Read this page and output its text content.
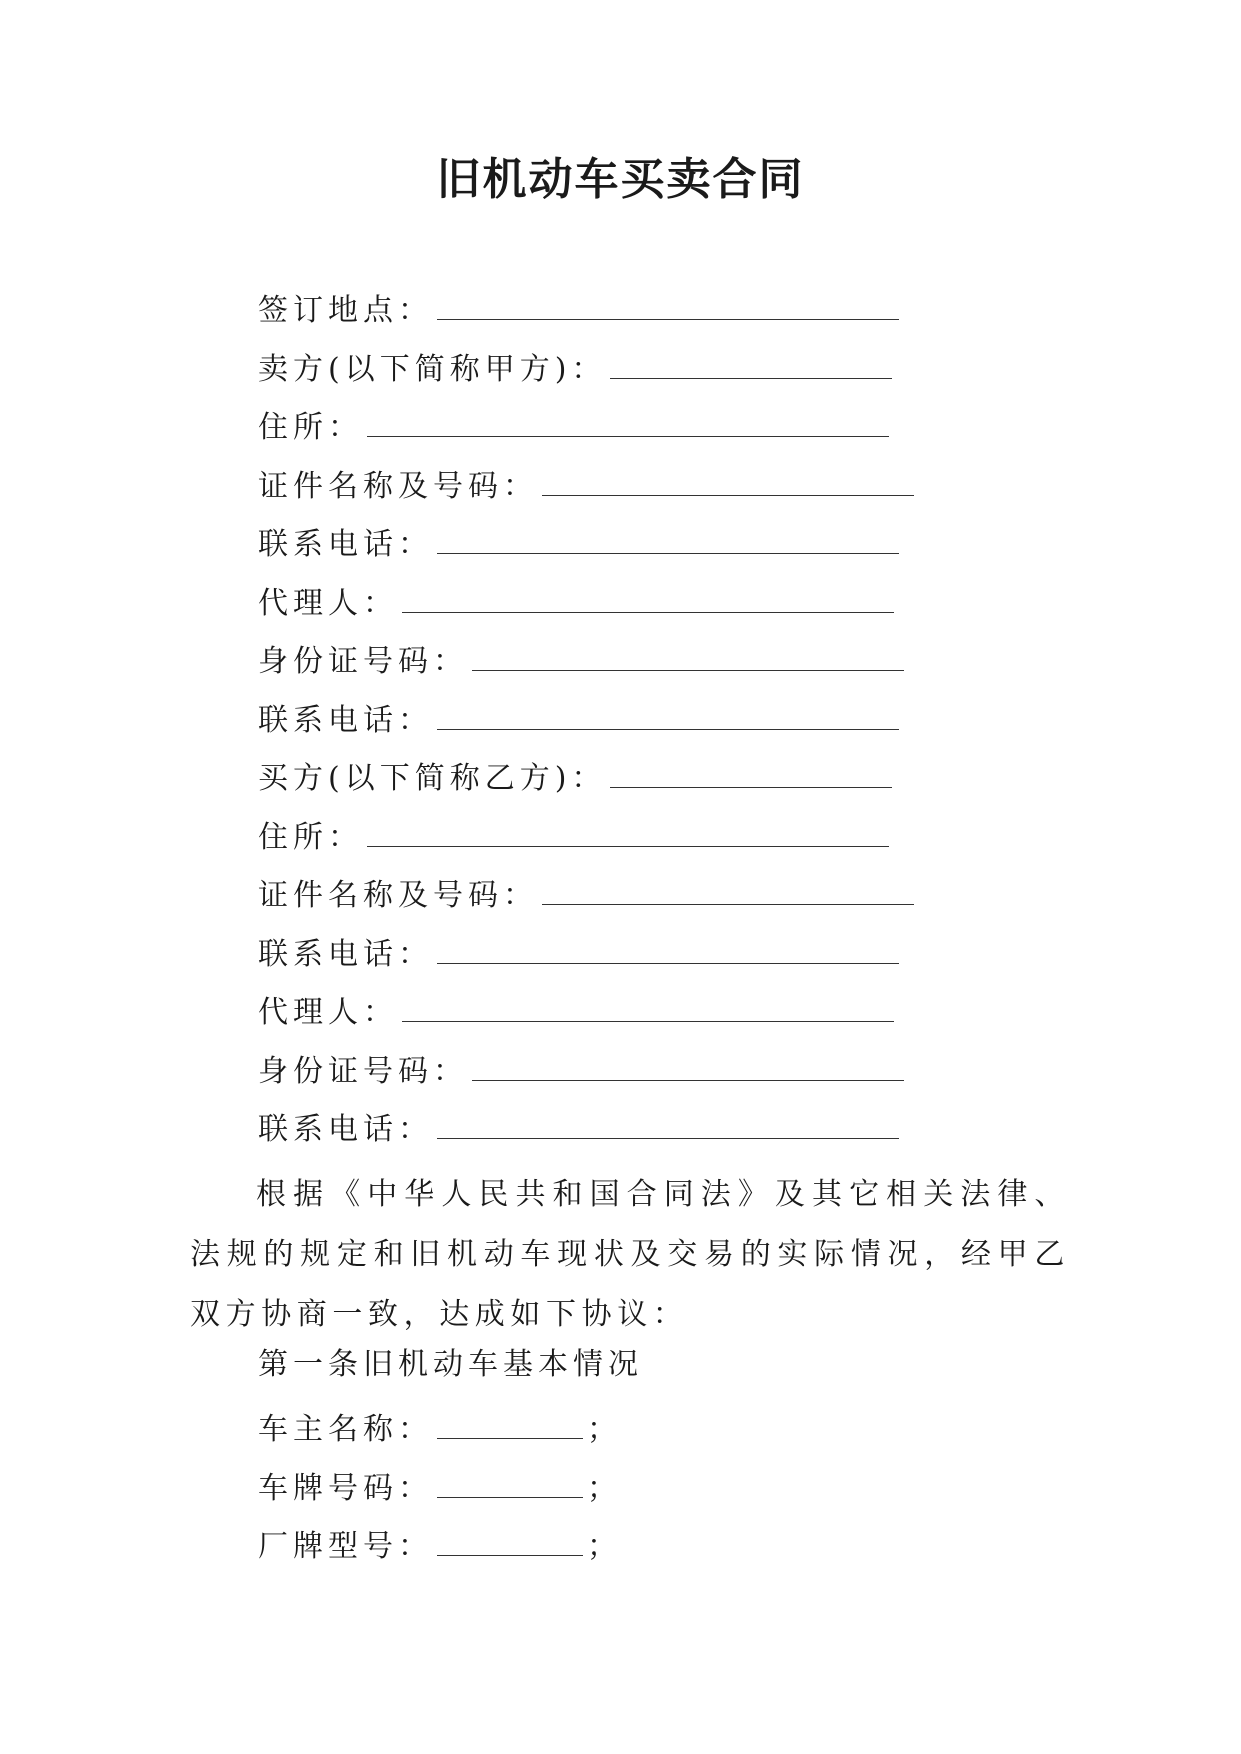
旧机动车买卖合同
签订地点：
卖方(以下简称甲方)：
住所：
证件名称及号码：
联系电话：
代理人：
身份证号码：
联系电话：
买方(以下简称乙方)：
住所：
证件名称及号码：
联系电话：
代理人：
身份证号码：
联系电话：
根据《中华人民共和国合同法》及其它相关法律、法规的规定和旧机动车现状及交易的实际情况，经甲乙双方协商一致，达成如下协议：
第一条旧机动车基本情况
车主名称：	；
车牌号码：	；
厂牌型号：	；
